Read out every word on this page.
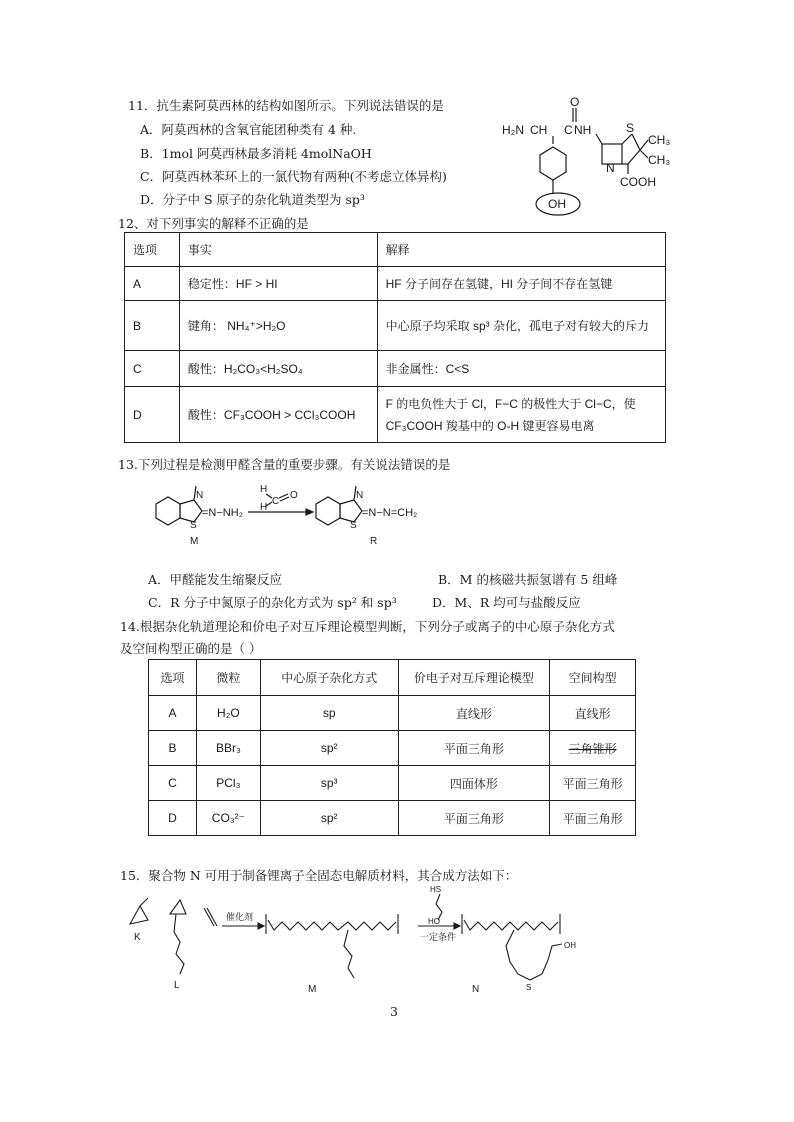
11．抗生素阿莫西林的结构如图所示。下列说法错误的是
A．阿莫西林的含氧官能团种类有 4 种.
B．1mol 阿莫西林最多消耗 4molNaOH
C．阿莫西林苯环上的一氯代物有两种(不考虑立体异构)
D．分子中 S 原子的杂化轨道类型为 sp³
O
H₂N CH C NH	S
CH₃
CH₃
N
COOH
OH
12、对下列事实的解释不正确的是
选项	事实	解释
A	稳定性：HF > HI	HF 分子间存在氢键，HI 分子间不存在氢键
B	键角： NH₄⁺>H₂O	中心原子均采取 sp³ 杂化，孤电子对有较大的斥力
C	酸性：H₂CO₃<H₂SO₄	非金属性：C<S
D	酸性：CF₃COOH > CCl₃COOH	F 的电负性大于 Cl，F−C 的极性大于 Cl−C，使 CF₃COOH 羧基中的 O-H 键更容易电离
13.下列过程是检测甲醛含量的重要步骤。有关说法错误的是
N
S
=N−NH₂
H
H
C
O	N
S
=N−N=CH₂
M	R
A．甲醛能发生缩聚反应	B．M 的核磁共振氢谱有 5 组峰
C．R 分子中氮原子的杂化方式为 sp² 和 sp³	D．M、R 均可与盐酸反应
14.根据杂化轨道理论和价电子对互斥理论模型判断，下列分子或离子的中心原子杂化方式
及空间构型正确的是（ ）
选项	微粒	中心原子杂化方式	价电子对互斥理论模型	空间构型
A	H₂O	sp	直线形	直线形
B	BBr₃	sp²	平面三角形	三角锥形
C	PCl₃	sp³	四面体形	平面三角形
D	CO₃²⁻	sp²	平面三角形	平面三角形
15．聚合物 N 可用于制备锂离子全固态电解质材料，其合成方法如下：
K
L
催化剂
M
HS
HO
一定条件
N	S
OH
3
